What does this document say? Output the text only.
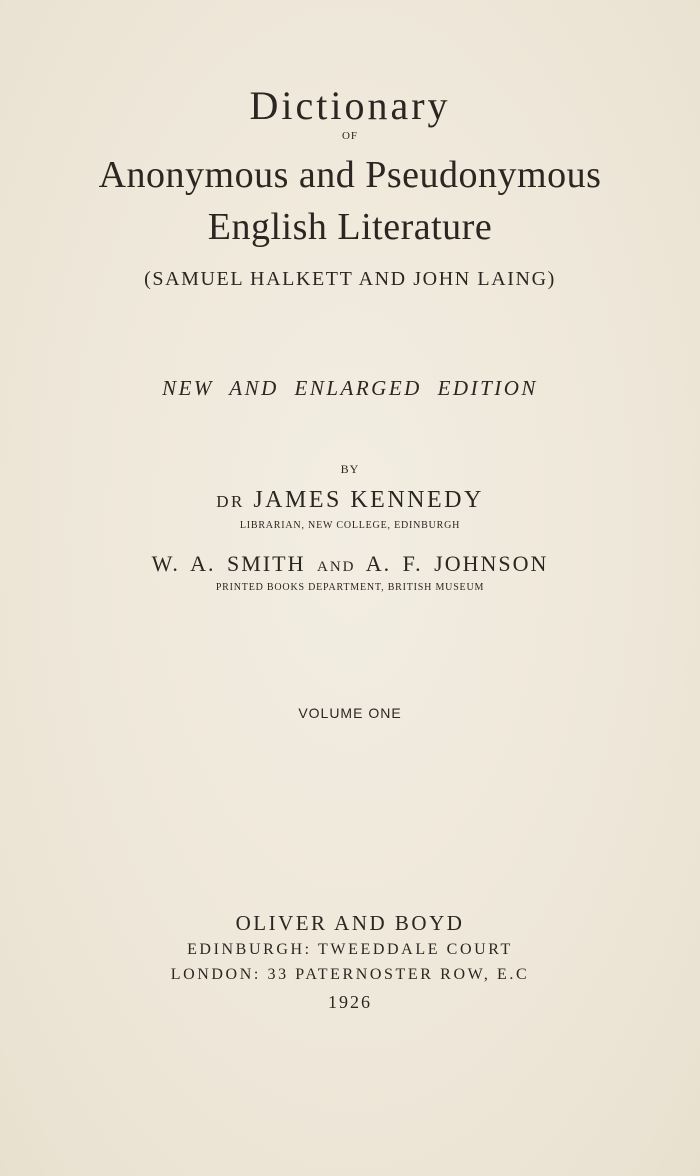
Dictionary
OF
Anonymous and Pseudonymous
English Literature
(SAMUEL HALKETT AND JOHN LAING)
NEW AND ENLARGED EDITION
BY
DR JAMES KENNEDY
LIBRARIAN, NEW COLLEGE, EDINBURGH
W. A. SMITH AND A. F. JOHNSON
PRINTED BOOKS DEPARTMENT, BRITISH MUSEUM
VOLUME ONE
OLIVER AND BOYD
EDINBURGH: TWEEDDALE COURT
LONDON: 33 PATERNOSTER ROW, E.C
1926
